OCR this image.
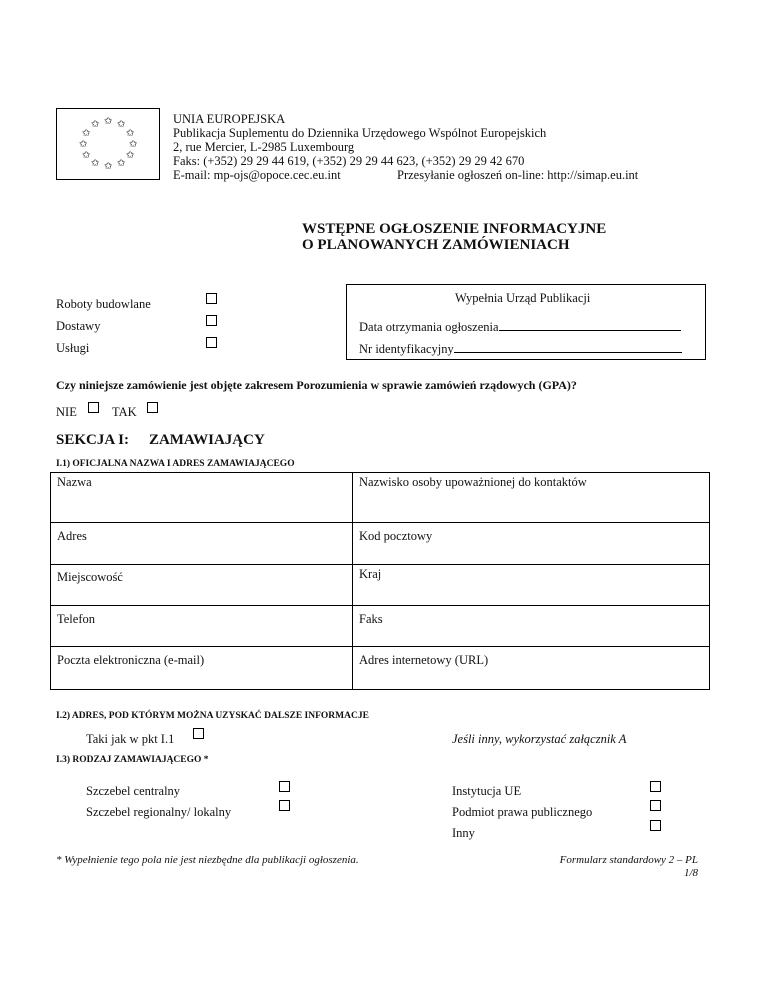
✩ ✩
✩
✩
✩
✩
✩
✩
✩
✩
✩ ✩
UNIA EUROPEJSKA
Publikacja Suplementu do Dziennika Urzędowego Wspólnot Europejskich
2, rue Mercier, L-2985 Luxembourg
Faks: (+352) 29 29 44 619, (+352) 29 29 44 623, (+352) 29 29 42 670
E-mail: mp-ojs@opoce.cec.eu.int	Przesyłanie ogłoszeń on-line: http://simap.eu.int
WSTĘPNE OGŁOSZENIE INFORMACYJNE
O PLANOWANYCH ZAMÓWIENIACH
Roboty budowlane
Dostawy
Usługi
Wypełnia Urząd Publikacji
Data otrzymania ogłoszenia
Nr identyfikacyjny
Czy niniejsze zamówienie jest objęte zakresem Porozumienia w sprawie zamówień rządowych (GPA)?
NIE	TAK
SEKCJA I: ZAMAWIAJĄCY
I.1) OFICJALNA NAZWA I ADRES ZAMAWIAJĄCEGO
Nazwa	Nazwisko osoby upoważnionej do kontaktów
Adres	Kod pocztowy
Miejscowość	Kraj
Telefon	Faks
Poczta elektroniczna (e-mail)	Adres internetowy (URL)
I.2) ADRES, POD KTÓRYM MOŻNA UZYSKAĆ DALSZE INFORMACJE
Taki jak w pkt I.1	Jeśli inny, wykorzystać załącznik A
I.3) RODZAJ ZAMAWIAJĄCEGO *
Szczebel centralny
Szczebel regionalny/ lokalny
Instytucja UE
Podmiot prawa publicznego
Inny
* Wypełnienie tego pola nie jest niezbędne dla publikacji ogłoszenia.	Formularz standardowy 2 – PL
1/8
